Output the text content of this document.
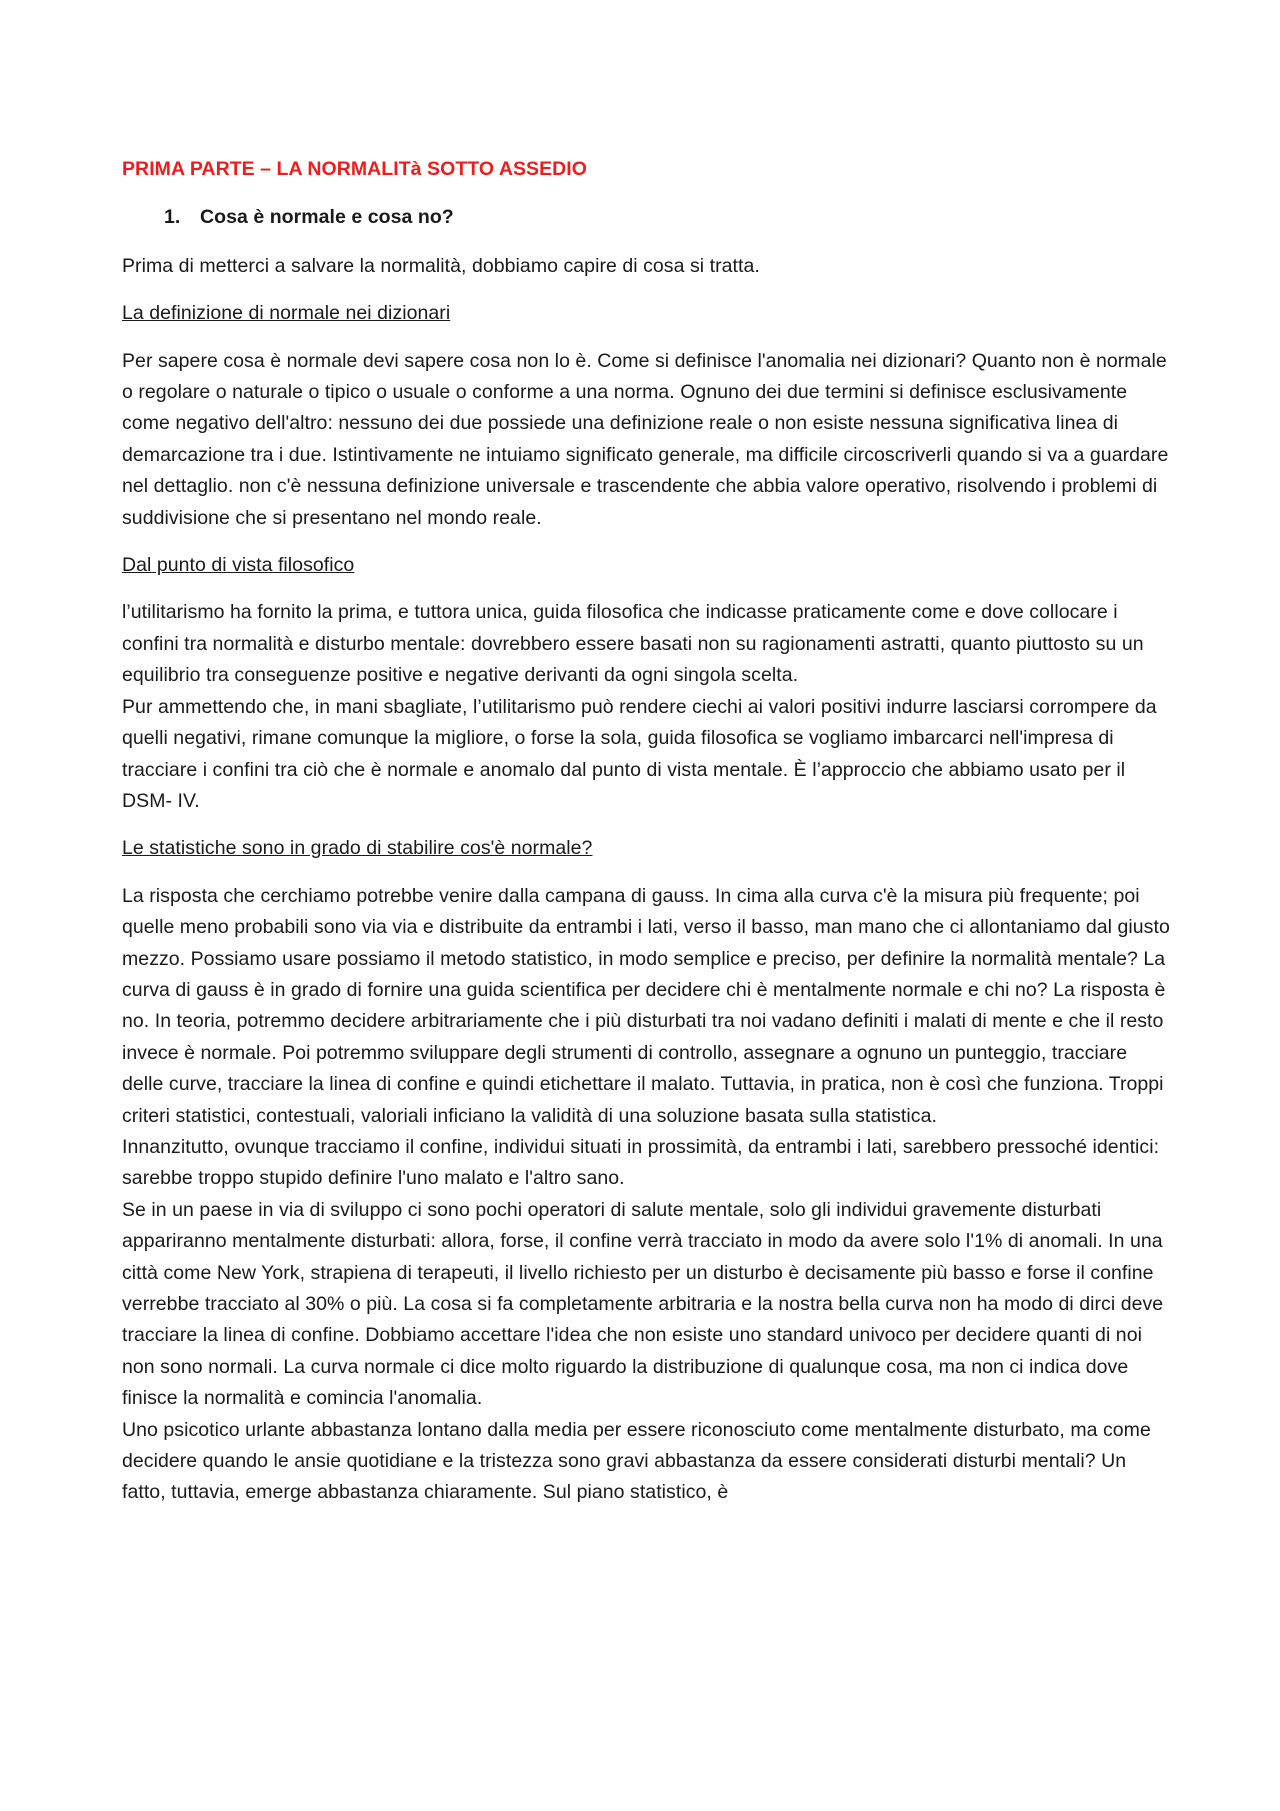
PRIMA PARTE – LA NORMALITà SOTTO ASSEDIO
1. Cosa è normale e cosa no?

Prima di metterci a salvare la normalità, dobbiamo capire di cosa si tratta.

La definizione di normale nei dizionari

Per sapere cosa è normale devi sapere cosa non lo è. Come si definisce l'anomalia nei dizionari? Quanto non è normale o regolare o naturale o tipico o usuale o conforme a una norma. Ognuno dei due termini si definisce esclusivamente come negativo dell'altro: nessuno dei due possiede una definizione reale o non esiste nessuna significativa linea di demarcazione tra i due. Istintivamente ne intuiamo significato generale, ma difficile circoscriverli quando si va a guardare nel dettaglio. non c'è nessuna definizione universale e trascendente che abbia valore operativo, risolvendo i problemi di suddivisione che si presentano nel mondo reale.

Dal punto di vista filosofico

l’utilitarismo ha fornito la prima, e tuttora unica, guida filosofica che indicasse praticamente come e dove collocare i confini tra normalità e disturbo mentale: dovrebbero essere basati non su ragionamenti astratti, quanto piuttosto su un equilibrio tra conseguenze positive e negative derivanti da ogni singola scelta.
Pur ammettendo che, in mani sbagliate, l’utilitarismo può rendere ciechi ai valori positivi indurre lasciarsi corrompere da quelli negativi, rimane comunque la migliore, o forse la sola, guida filosofica se vogliamo imbarcarci nell'impresa di tracciare i confini tra ciò che è normale e anomalo dal punto di vista mentale. È l’approccio che abbiamo usato per il DSM- IV.

Le statistiche sono in grado di stabilire cos'è normale?

La risposta che cerchiamo potrebbe venire dalla campana di gauss. In cima alla curva c'è la misura più frequente; poi quelle meno probabili sono via via e distribuite da entrambi i lati, verso il basso, man mano che ci allontaniamo dal giusto mezzo. Possiamo usare possiamo il metodo statistico, in modo semplice e preciso, per definire la normalità mentale? La curva di gauss è in grado di fornire una guida scientifica per decidere chi è mentalmente normale e chi no? La risposta è no. In teoria, potremmo decidere arbitrariamente che i più disturbati tra noi vadano definiti i malati di mente e che il resto invece è normale. Poi potremmo sviluppare degli strumenti di controllo, assegnare a ognuno un punteggio, tracciare delle curve, tracciare la linea di confine e quindi etichettare il malato. Tuttavia, in pratica, non è così che funziona. Troppi criteri statistici, contestuali, valoriali inficiano la validità di una soluzione basata sulla statistica.
Innanzitutto, ovunque tracciamo il confine, individui situati in prossimità, da entrambi i lati, sarebbero pressoché identici: sarebbe troppo stupido definire l'uno malato e l'altro sano.
Se in un paese in via di sviluppo ci sono pochi operatori di salute mentale, solo gli individui gravemente disturbati appariranno mentalmente disturbati: allora, forse, il confine verrà tracciato in modo da avere solo l'1% di anomali. In una città come New York, strapiena di terapeuti, il livello richiesto per un disturbo è decisamente più basso e forse il confine verrebbe tracciato al 30% o più. La cosa si fa completamente arbitraria e la nostra bella curva non ha modo di dirci deve tracciare la linea di confine. Dobbiamo accettare l'idea che non esiste uno standard univoco per decidere quanti di noi non sono normali. La curva normale ci dice molto riguardo la distribuzione di qualunque cosa, ma non ci indica dove finisce la normalità e comincia l'anomalia.
Uno psicotico urlante abbastanza lontano dalla media per essere riconosciuto come mentalmente disturbato, ma come decidere quando le ansie quotidiane e la tristezza sono gravi abbastanza da essere considerati disturbi mentali? Un fatto, tuttavia, emerge abbastanza chiaramente. Sul piano statistico, è
